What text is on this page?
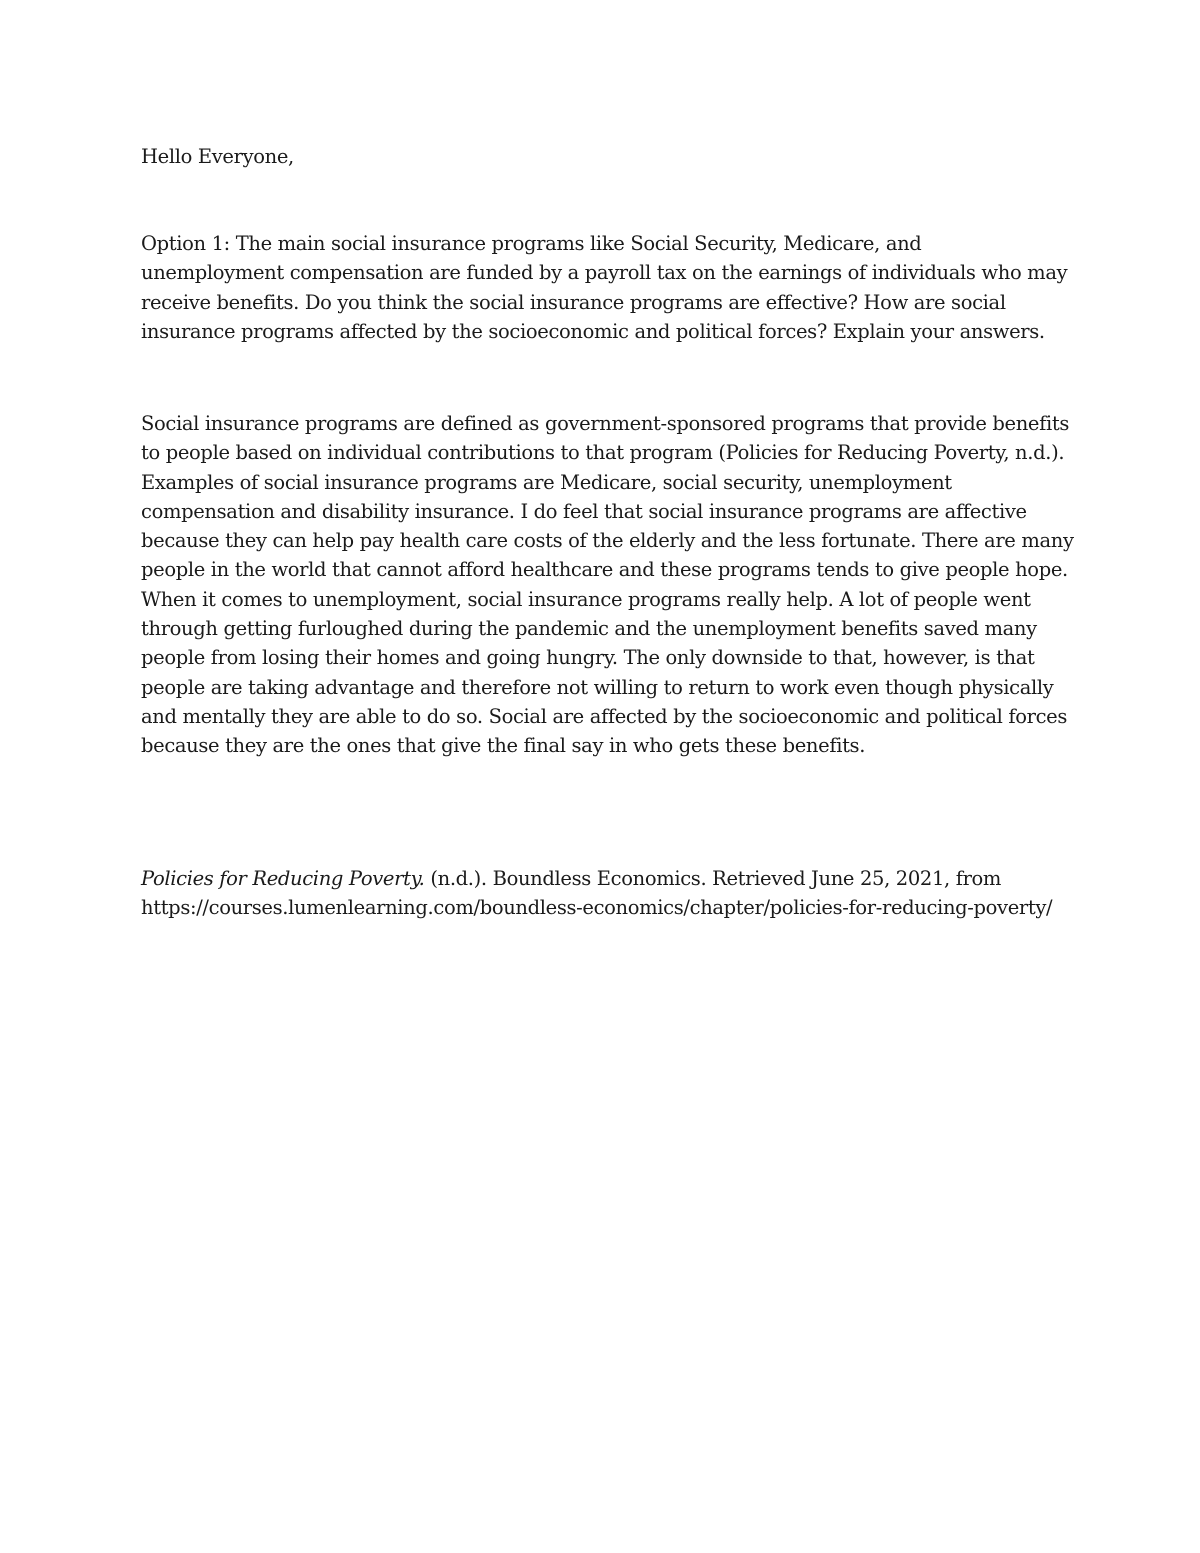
Hello Everyone,

Option 1: The main social insurance programs like Social Security, Medicare, and
unemployment compensation are funded by a payroll tax on the earnings of individuals who may
receive benefits. Do you think the social insurance programs are effective? How are social
insurance programs affected by the socioeconomic and political forces? Explain your answers.
Social insurance programs are defined as government-sponsored programs that provide benefits
to people based on individual contributions to that program (Policies for Reducing Poverty, n.d.).
Examples of social insurance programs are Medicare, social security, unemployment
compensation and disability insurance. I do feel that social insurance programs are affective
because they can help pay health care costs of the elderly and the less fortunate. There are many
people in the world that cannot afford healthcare and these programs tends to give people hope.
When it comes to unemployment, social insurance programs really help. A lot of people went
through getting furloughed during the pandemic and the unemployment benefits saved many
people from losing their homes and going hungry. The only downside to that, however, is that
people are taking advantage and therefore not willing to return to work even though physically
and mentally they are able to do so. Social are affected by the socioeconomic and political forces
because they are the ones that give the final say in who gets these benefits.
Policies for Reducing Poverty. (n.d.). Boundless Economics. Retrieved June 25, 2021, from
https://courses.lumenlearning.com/boundless-economics/chapter/policies-for-reducing-poverty/
